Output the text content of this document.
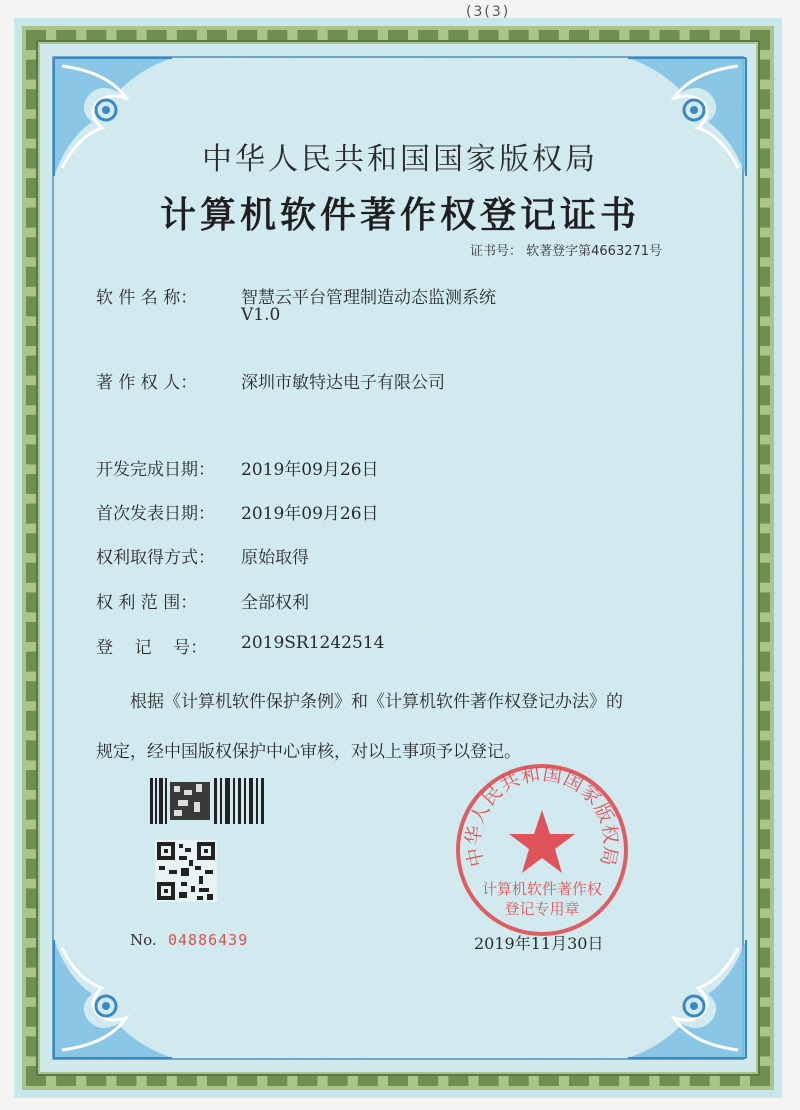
(3(3)
中华人民共和国国家版权局
计算机软件著作权登记证书
证书号： 软著登字第4663271号
软 件 名 称：	智慧云平台管理制造动态监测系统
V1.0
著 作 权 人：	深圳市敏特达电子有限公司
开发完成日期： 2019年09月26日
首次发表日期： 2019年09月26日
权利取得方式： 原始取得
权 利 范 围：	全部权利
登    记    号： 2019SR1242514
根据《计算机软件保护条例》和《计算机软件著作权登记办法》的
规定，经中国版权保护中心审核，对以上事项予以登记。
No. 04886439
中华人民共和国国家版权局
计算机软件著作权
登记专用章
2019年11月30日
